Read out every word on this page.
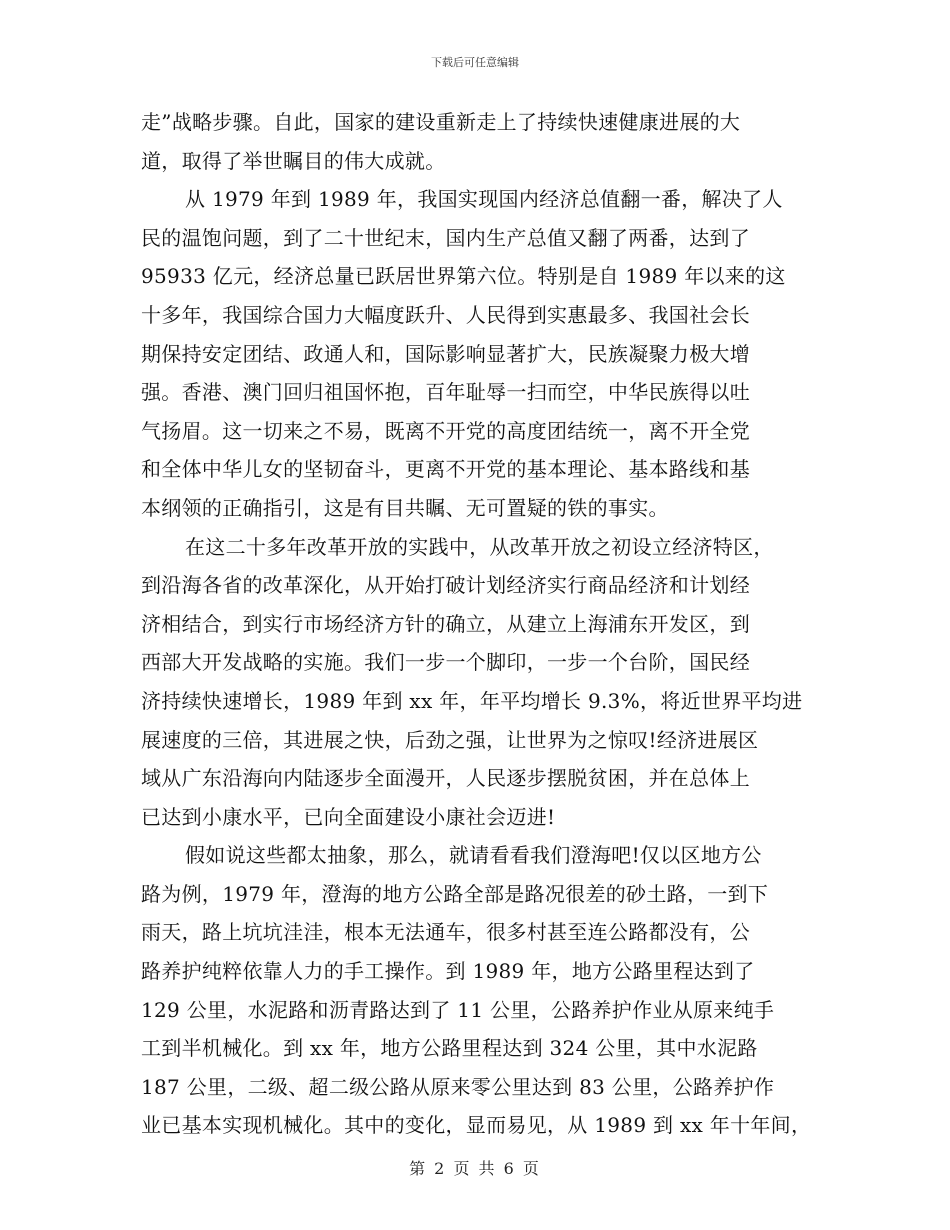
下载后可任意编辑
走”战略步骤。自此，国家的建设重新走上了持续快速健康进展的大
道，取得了举世瞩目的伟大成就。
从 1979 年到 1989 年，我国实现国内经济总值翻一番，解决了人
民的温饱问题，到了二十世纪末，国内生产总值又翻了两番，达到了
95933 亿元，经济总量已跃居世界第六位。特别是自 1989 年以来的这
十多年，我国综合国力大幅度跃升、人民得到实惠最多、我国社会长
期保持安定团结、政通人和，国际影响显著扩大，民族凝聚力极大增
强。香港、澳门回归祖国怀抱，百年耻辱一扫而空，中华民族得以吐
气扬眉。这一切来之不易，既离不开党的高度团结统一，离不开全党
和全体中华儿女的坚韧奋斗，更离不开党的基本理论、基本路线和基
本纲领的正确指引，这是有目共瞩、无可置疑的铁的事实。
在这二十多年改革开放的实践中，从改革开放之初设立经济特区，
到沿海各省的改革深化，从开始打破计划经济实行商品经济和计划经
济相结合，到实行市场经济方针的确立，从建立上海浦东开发区，到
西部大开发战略的实施。我们一步一个脚印，一步一个台阶，国民经
济持续快速增长，1989 年到 xx 年，年平均增长 9.3%，将近世界平均进
展速度的三倍，其进展之快，后劲之强，让世界为之惊叹!经济进展区
域从广东沿海向内陆逐步全面漫开，人民逐步摆脱贫困，并在总体上
已达到小康水平，已向全面建设小康社会迈进!
假如说这些都太抽象，那么，就请看看我们澄海吧!仅以区地方公
路为例，1979 年，澄海的地方公路全部是路况很差的砂土路，一到下
雨天，路上坑坑洼洼，根本无法通车，很多村甚至连公路都没有，公
路养护纯粹依靠人力的手工操作。到 1989 年，地方公路里程达到了
129 公里，水泥路和沥青路达到了 11 公里，公路养护作业从原来纯手
工到半机械化。到 xx 年，地方公路里程达到 324 公里，其中水泥路
187 公里，二级、超二级公路从原来零公里达到 83 公里，公路养护作
业已基本实现机械化。其中的变化，显而易见，从 1989 到 xx 年十年间，
第 2 页 共 6 页
